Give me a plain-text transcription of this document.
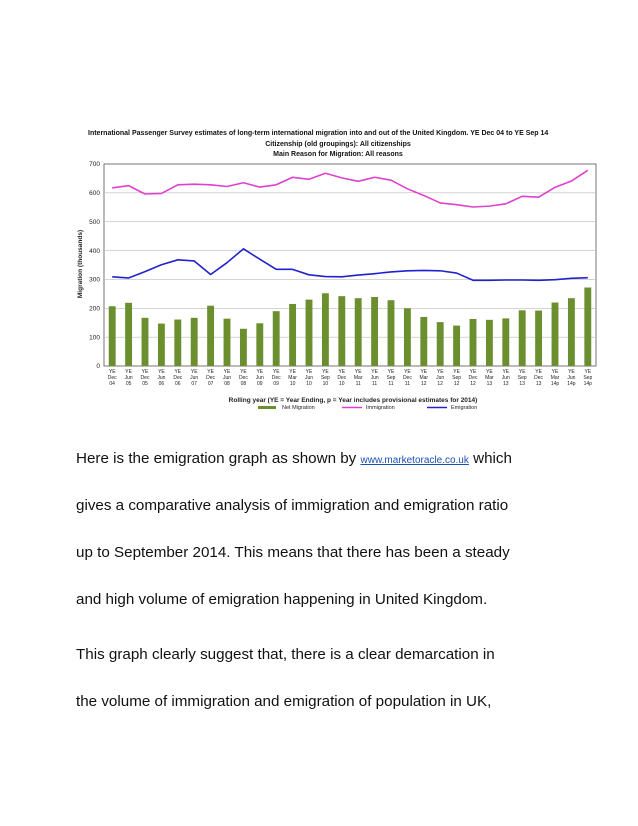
International Passenger Survey estimates of long-term international migration into and out of the United Kingdom. YE Dec 04 to YE Sep 14
Citizenship (old groupings): All citizenships
Main Reason for Migration: All reasons
0
100
200
300
400
500
600
700
YE
Dec
04
YE
Jun
05
YE
Dec
05
YE
Jun
06
YE
Dec
06
YE
Jun
07
YE
Dec
07
YE
Jun
08
YE
Dec
08
YE
Jun
09
YE
Dec
09
YE
Mar
10
YE
Jun
10
YE
Sep
10
YE
Dec
10
YE
Mar
11
YE
Jun
11
YE
Sep
11
YE
Dec
11
YE
Mar
12
YE
Jun
12
YE
Sep
12
YE
Dec
12
YE
Mar
13
YE
Jun
13
YE
Sep
13
YE
Dec
13
YE
Mar
14p
YE
Jun
14p
YE
Sep
14p
Migration (thousands)
Rolling year (YE = Year Ending, p = Year includes provisional estimates for 2014)
Net Migration	Immigration	Emigration
Here is the emigration graph as shown by www.marketoracle.co.uk which
gives a comparative analysis of immigration and emigration ratio
up to September 2014. This means that there has been a steady
and high volume of emigration happening in United Kingdom.
This graph clearly suggest that, there is a clear demarcation in
the volume of immigration and emigration of population in UK,
